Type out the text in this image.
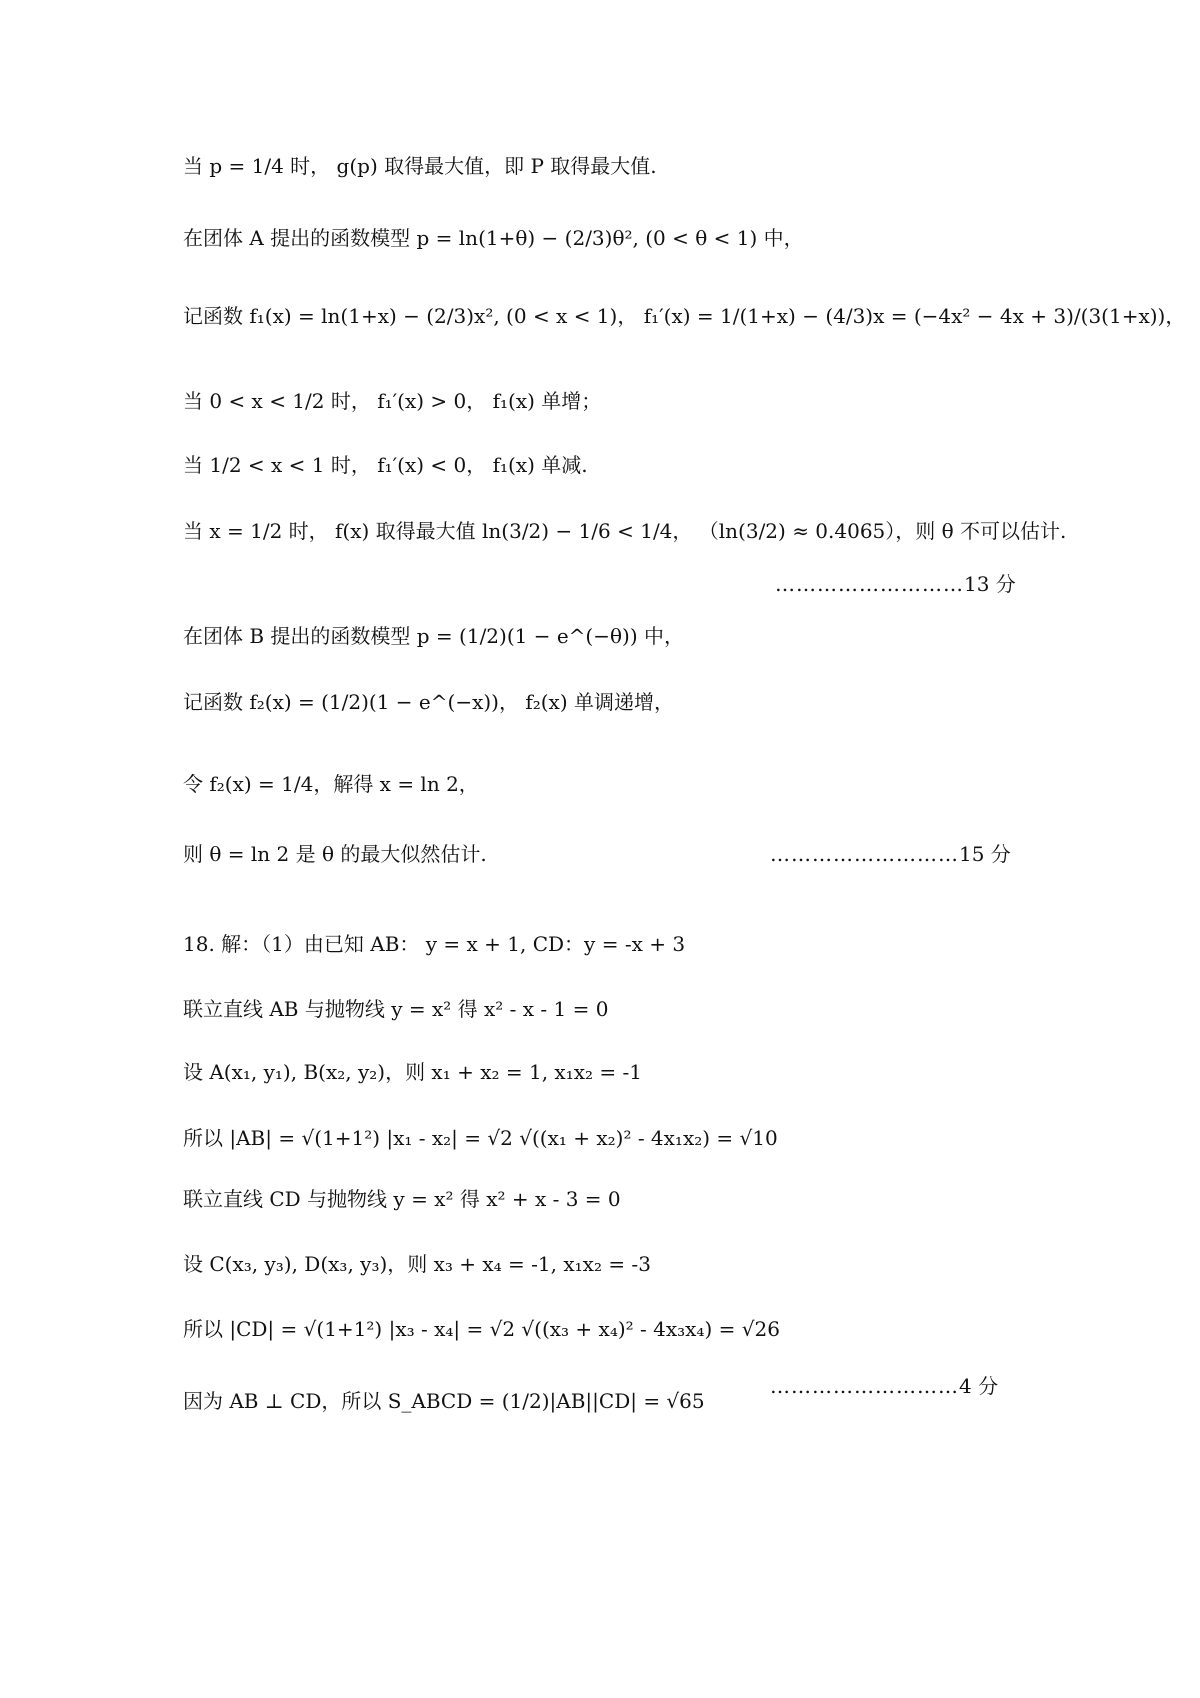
当 p = 1/4 时， g(p) 取得最大值，即 P 取得最大值.
在团体 A 提出的函数模型 p = ln(1+θ) − (2/3)θ², (0 < θ < 1) 中，
记函数 f₁(x) = ln(1+x) − (2/3)x², (0 < x < 1)， f₁′(x) = 1/(1+x) − (4/3)x = (−4x² − 4x + 3)/(3(1+x))，
当 0 < x < 1/2 时， f₁′(x) > 0， f₁(x) 单增；
当 1/2 < x < 1 时， f₁′(x) < 0， f₁(x) 单减.
当 x = 1/2 时， f(x) 取得最大值 ln(3/2) − 1/6 < 1/4， （ln(3/2) ≈ 0.4065），则 θ 不可以估计.
在团体 B 提出的函数模型 p = (1/2)(1 − e^(−θ)) 中，
记函数 f₂(x) = (1/2)(1 − e^(−x))， f₂(x) 单调递增，
令 f₂(x) = 1/4，解得 x = ln 2，
则 θ = ln 2 是 θ 的最大似然估计.
18. 解：（1）由已知 AB： y = x + 1, CD：y = -x + 3
联立直线 AB 与抛物线 y = x² 得 x² - x - 1 = 0
设 A(x₁, y₁), B(x₂, y₂)，则 x₁ + x₂ = 1, x₁x₂ = -1
所以 |AB| = √(1+1²) |x₁ - x₂| = √2 √((x₁ + x₂)² - 4x₁x₂) = √10
联立直线 CD 与抛物线 y = x² 得 x² + x - 3 = 0
设 C(x₃, y₃), D(x₃, y₃)，则 x₃ + x₄ = -1, x₁x₂ = -3
所以 |CD| = √(1+1²) |x₃ - x₄| = √2 √((x₃ + x₄)² - 4x₃x₄) = √26
因为 AB ⊥ CD，所以 S_ABCD = (1/2)|AB||CD| = √65
………………………13 分
………………………15 分
………………………4 分
